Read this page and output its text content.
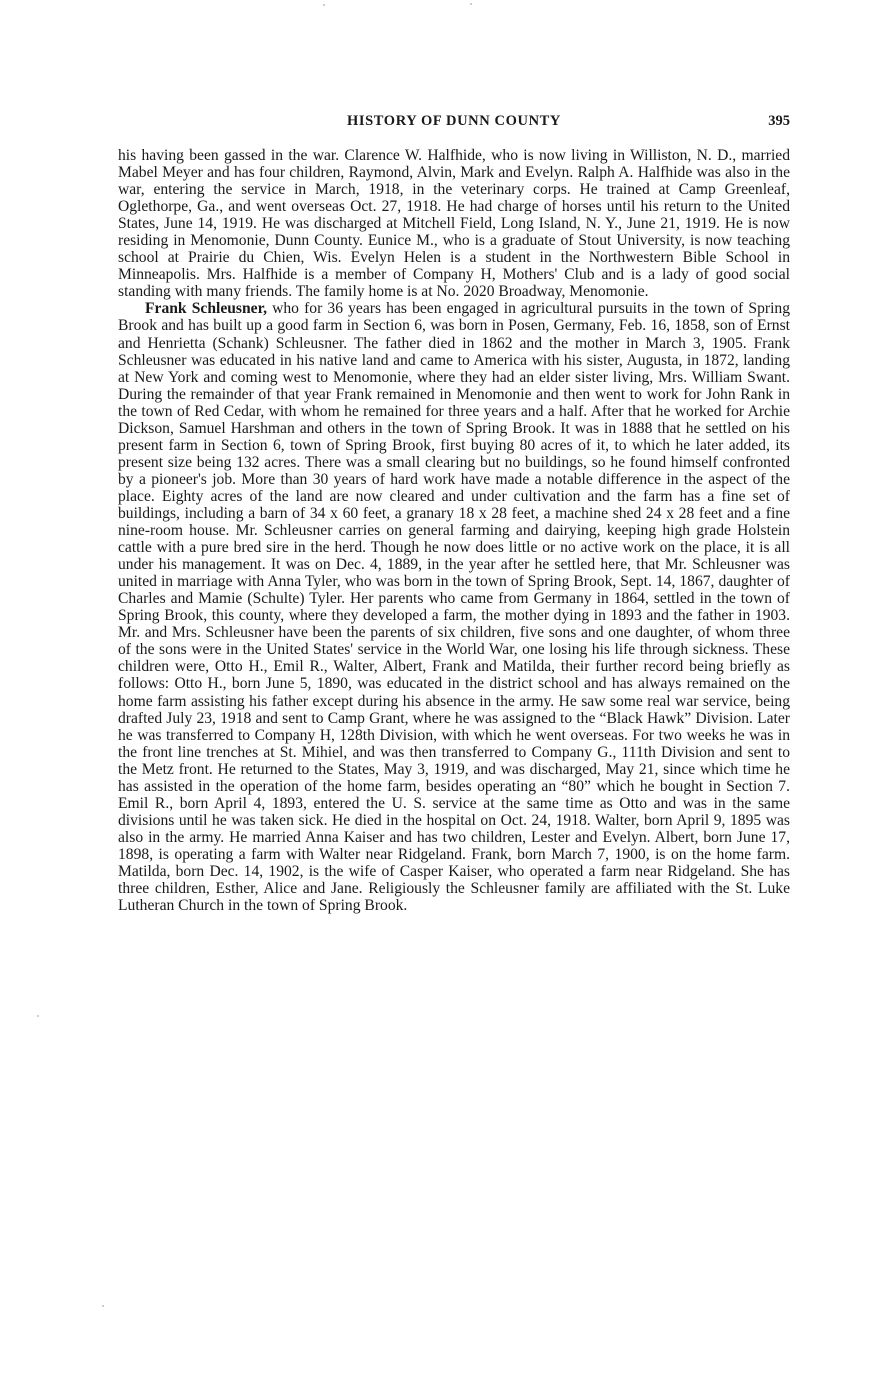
HISTORY OF DUNN COUNTY	395

his having been gassed in the war. Clarence W. Halfhide, who is now living in Williston, N. D., married Mabel Meyer and has four children, Raymond, Alvin, Mark and Evelyn. Ralph A. Halfhide was also in the war, entering the service in March, 1918, in the veterinary corps. He trained at Camp Greenleaf, Oglethorpe, Ga., and went overseas Oct. 27, 1918. He had charge of horses until his return to the United States, June 14, 1919. He was discharged at Mitchell Field, Long Island, N. Y., June 21, 1919. He is now residing in Menomonie, Dunn County. Eunice M., who is a graduate of Stout University, is now teaching school at Prairie du Chien, Wis. Evelyn Helen is a student in the Northwestern Bible School in Minneapolis. Mrs. Halfhide is a member of Company H, Mothers' Club and is a lady of good social standing with many friends. The family home is at No. 2020 Broadway, Menomonie.

Frank Schleusner, who for 36 years has been engaged in agricultural pursuits in the town of Spring Brook and has built up a good farm in Section 6, was born in Posen, Germany, Feb. 16, 1858, son of Ernst and Henrietta (Schank) Schleusner. The father died in 1862 and the mother in March 3, 1905. Frank Schleusner was educated in his native land and came to America with his sister, Augusta, in 1872, landing at New York and coming west to Menomonie, where they had an elder sister living, Mrs. William Swant. During the remainder of that year Frank remained in Menomonie and then went to work for John Rank in the town of Red Cedar, with whom he remained for three years and a half. After that he worked for Archie Dickson, Samuel Harshman and others in the town of Spring Brook. It was in 1888 that he settled on his present farm in Section 6, town of Spring Brook, first buying 80 acres of it, to which he later added, its present size being 132 acres. There was a small clearing but no buildings, so he found himself confronted by a pioneer's job. More than 30 years of hard work have made a notable difference in the aspect of the place. Eighty acres of the land are now cleared and under cultivation and the farm has a fine set of buildings, including a barn of 34 x 60 feet, a granary 18 x 28 feet, a machine shed 24 x 28 feet and a fine nine-room house. Mr. Schleusner carries on general farming and dairying, keeping high grade Holstein cattle with a pure bred sire in the herd. Though he now does little or no active work on the place, it is all under his management. It was on Dec. 4, 1889, in the year after he settled here, that Mr. Schleusner was united in marriage with Anna Tyler, who was born in the town of Spring Brook, Sept. 14, 1867, daughter of Charles and Mamie (Schulte) Tyler. Her parents who came from Germany in 1864, settled in the town of Spring Brook, this county, where they developed a farm, the mother dying in 1893 and the father in 1903. Mr. and Mrs. Schleusner have been the parents of six children, five sons and one daughter, of whom three of the sons were in the United States' service in the World War, one losing his life through sickness. These children were, Otto H., Emil R., Walter, Albert, Frank and Matilda, their further record being briefly as follows: Otto H., born June 5, 1890, was educated in the district school and has always remained on the home farm assisting his father except during his absence in the army. He saw some real war service, being drafted July 23, 1918 and sent to Camp Grant, where he was assigned to the “Black Hawk” Division. Later he was transferred to Company H, 128th Division, with which he went overseas. For two weeks he was in the front line trenches at St. Mihiel, and was then transferred to Company G., 111th Division and sent to the Metz front. He returned to the States, May 3, 1919, and was discharged, May 21, since which time he has assisted in the operation of the home farm, besides operating an “80” which he bought in Section 7. Emil R., born April 4, 1893, entered the U. S. service at the same time as Otto and was in the same divisions until he was taken sick. He died in the hospital on Oct. 24, 1918. Walter, born April 9, 1895 was also in the army. He married Anna Kaiser and has two children, Lester and Evelyn. Albert, born June 17, 1898, is operating a farm with Walter near Ridgeland. Frank, born March 7, 1900, is on the home farm. Matilda, born Dec. 14, 1902, is the wife of Casper Kaiser, who operated a farm near Ridgeland. She has three children, Esther, Alice and Jane. Religiously the Schleusner family are affiliated with the St. Luke Lutheran Church in the town of Spring Brook.
